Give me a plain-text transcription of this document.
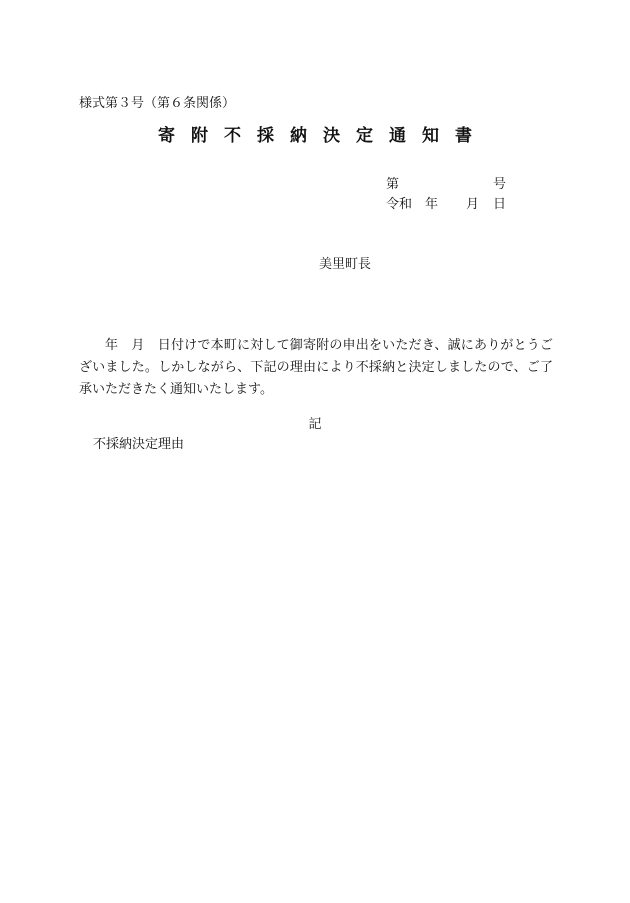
様式第３号（第６条関係）
寄 附 不 採 納 決 定 通 知 書
第	号
令和 年 月 日
美里町長
年　月　日付けで本町に対して御寄附の申出をいただき、誠にありがとうございました。しかしながら、下記の理由により不採納と決定しましたので、ご了承いただきたく通知いたします。
記
不採納決定理由
